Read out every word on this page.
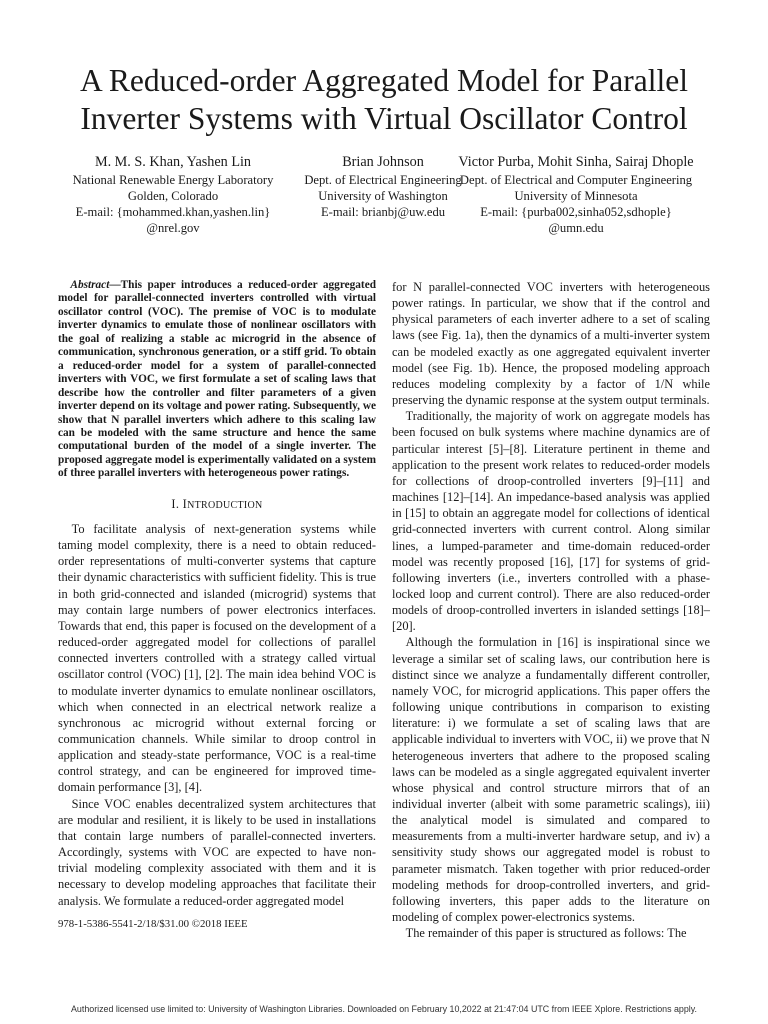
A Reduced-order Aggregated Model for Parallel
Inverter Systems with Virtual Oscillator Control
M. M. S. Khan, Yashen Lin
National Renewable Energy Laboratory
Golden, Colorado
E-mail: {mohammed.khan,yashen.lin}
@nrel.gov
Brian Johnson
Dept. of Electrical Engineering
University of Washington
E-mail: brianbj@uw.edu
Victor Purba, Mohit Sinha, Sairaj Dhople
Dept. of Electrical and Computer Engineering
University of Minnesota
E-mail: {purba002,sinha052,sdhople}
@umn.edu

Abstract—This paper introduces a reduced-order aggregated model for parallel-connected inverters controlled with virtual oscillator control (VOC). The premise of VOC is to modulate inverter dynamics to emulate those of nonlinear oscillators with the goal of realizing a stable ac microgrid in the absence of communication, synchronous generation, or a stiff grid. To obtain a reduced-order model for a system of parallel-connected inverters with VOC, we first formulate a set of scaling laws that describe how the controller and filter parameters of a given inverter depend on its voltage and power rating. Subsequently, we show that N parallel inverters which adhere to this scaling law can be modeled with the same structure and hence the same computational burden of the model of a single inverter. The proposed aggregate model is experimentally validated on a system of three parallel inverters with heterogeneous power ratings.

I. INTRODUCTION

To facilitate analysis of next-generation systems while taming model complexity, there is a need to obtain reduced-order representations of multi-converter systems that capture their dynamic characteristics with sufficient fidelity. This is true in both grid-connected and islanded (microgrid) systems that may contain large numbers of power electronics interfaces. Towards that end, this paper is focused on the development of a reduced-order aggregated model for collections of parallel connected inverters controlled with a strategy called virtual oscillator control (VOC) [1], [2]. The main idea behind VOC is to modulate inverter dynamics to emulate nonlinear oscillators, which when connected in an electrical network realize a synchronous ac microgrid without external forcing or communication channels. While similar to droop control in application and steady-state performance, VOC is a real-time control strategy, and can be engineered for improved time-domain performance [3], [4].

Since VOC enables decentralized system architectures that are modular and resilient, it is likely to be used in installations that contain large numbers of parallel-connected inverters. Accordingly, systems with VOC are expected to have non-trivial modeling complexity associated with them and it is necessary to develop modeling approaches that facilitate their analysis. We formulate a reduced-order aggregated model

for N parallel-connected VOC inverters with heterogeneous power ratings. In particular, we show that if the control and physical parameters of each inverter adhere to a set of scaling laws (see Fig. 1a), then the dynamics of a multi-inverter system can be modeled exactly as one aggregated equivalent inverter model (see Fig. 1b). Hence, the proposed modeling approach reduces modeling complexity by a factor of 1/N while preserving the dynamic response at the system output terminals.

Traditionally, the majority of work on aggregate models has been focused on bulk systems where machine dynamics are of particular interest [5]–[8]. Literature pertinent in theme and application to the present work relates to reduced-order models for collections of droop-controlled inverters [9]–[11] and machines [12]–[14]. An impedance-based analysis was applied in [15] to obtain an aggregate model for collections of identical grid-connected inverters with current control. Along similar lines, a lumped-parameter and time-domain reduced-order model was recently proposed [16], [17] for systems of grid-following inverters (i.e., inverters controlled with a phase-locked loop and current control). There are also reduced-order models of droop-controlled inverters in islanded settings [18]–[20].

Although the formulation in [16] is inspirational since we leverage a similar set of scaling laws, our contribution here is distinct since we analyze a fundamentally different controller, namely VOC, for microgrid applications. This paper offers the following unique contributions in comparison to existing literature: i) we formulate a set of scaling laws that are applicable individual to inverters with VOC, ii) we prove that N heterogeneous inverters that adhere to the proposed scaling laws can be modeled as a single aggregated equivalent inverter whose physical and control structure mirrors that of an individual inverter (albeit with some parametric scalings), iii) the analytical model is simulated and compared to measurements from a multi-inverter hardware setup, and iv) a sensitivity study shows our aggregated model is robust to parameter mismatch. Taken together with prior reduced-order modeling methods for droop-controlled inverters, and grid-following inverters, this paper adds to the literature on modeling of complex power-electronics systems.

The remainder of this paper is structured as follows: The

978-1-5386-5541-2/18/$31.00 ©2018 IEEE
Authorized licensed use limited to: University of Washington Libraries. Downloaded on February 10,2022 at 21:47:04 UTC from IEEE Xplore. Restrictions apply.
